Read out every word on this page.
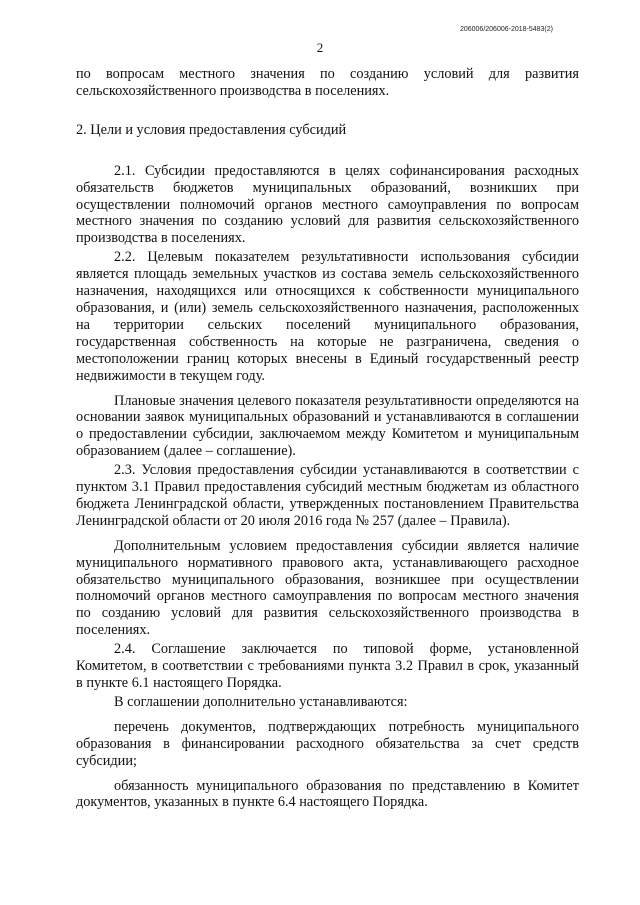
206006/206006-2018-5483(2)
2

по вопросам местного значения по созданию условий для развития сельскохозяйственного производства в поселениях.

2. Цели и условия предоставления субсидий

2.1. Субсидии предоставляются в целях софинансирования расходных обязательств бюджетов муниципальных образований, возникших при осуществлении полномочий органов местного самоуправления по вопросам местного значения по созданию условий для развития сельскохозяйственного производства в поселениях.

2.2. Целевым показателем результативности использования субсидии является площадь земельных участков из состава земель сельскохозяйственного назначения, находящихся или относящихся к собственности муниципального образования, и (или) земель сельскохозяйственного назначения, расположенных на территории сельских поселений муниципального образования, государственная собственность на которые не разграничена, сведения о местоположении границ которых внесены в Единый государственный реестр недвижимости в текущем году.

Плановые значения целевого показателя результативности определяются на основании заявок муниципальных образований и устанавливаются в соглашении о предоставлении субсидии, заключаемом между Комитетом и муниципальным образованием (далее – соглашение).

2.3. Условия предоставления субсидии устанавливаются в соответствии с пунктом 3.1 Правил предоставления субсидий местным бюджетам из областного бюджета Ленинградской области, утвержденных постановлением Правительства Ленинградской области от 20 июля 2016 года № 257 (далее – Правила).

Дополнительным условием предоставления субсидии является наличие муниципального нормативного правового акта, устанавливающего расходное обязательство муниципального образования, возникшее при осуществлении полномочий органов местного самоуправления по вопросам местного значения по созданию условий для развития сельскохозяйственного производства в поселениях.

2.4. Соглашение заключается по типовой форме, установленной Комитетом, в соответствии с требованиями пункта 3.2 Правил в срок, указанный в пункте 6.1 настоящего Порядка.

В соглашении дополнительно устанавливаются:

перечень документов, подтверждающих потребность муниципального образования в финансировании расходного обязательства за счет средств субсидии;

обязанность муниципального образования по представлению в Комитет документов, указанных в пункте 6.4 настоящего Порядка.
